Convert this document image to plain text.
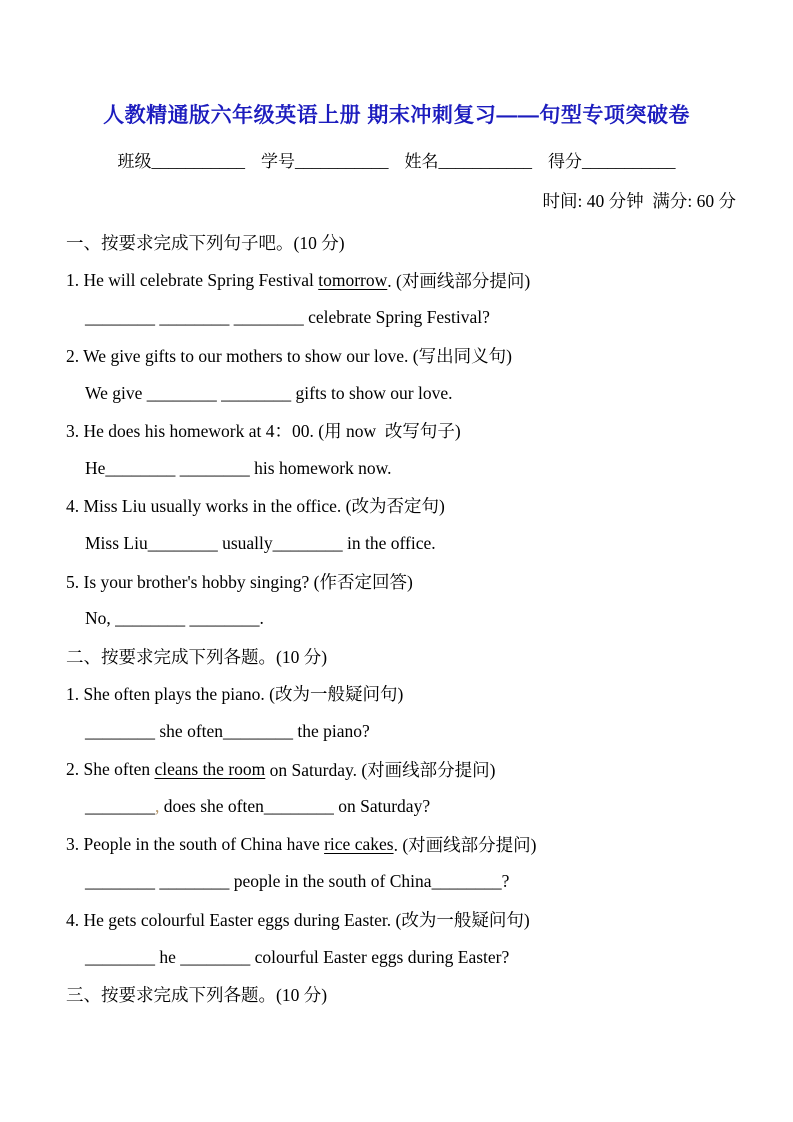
人教精通版六年级英语上册 期末冲刺复习——句型专项突破卷
班级 ___________ 学号 ___________ 姓名 ___________ 得分 ___________
时间: 40 分钟  满分: 60 分
一、按要求完成下列句子吧。(10 分)
1. He will celebrate Spring Festival tomorrow . (对画线部分提问)
________ ________ ________ celebrate Spring Festival?
2. We give gifts to our mothers to show our love. (写出同义句)
We give ________ ________ gifts to show our love.
3. He does his homework at 4：00. (用 now  改写句子)
He________ ________ his homework now.
4. Miss Liu usually works in the office. (改为否定句)
Miss Liu________ usually________ in the office.
5. Is your brother's hobby singing? (作否定回答)
No, ________ ________.
二、按要求完成下列各题。(10 分)
1. She often plays the piano. (改为一般疑问句)
________ she often________ the piano?
2. She often cleans the room on Saturday. (对画线部分提问)
________ , does she often________ on Saturday?
3. People in the south of China have rice cakes . (对画线部分提问)
________ ________ people in the south of China________?
4. He gets colourful Easter eggs during Easter. (改为一般疑问句)
________ he ________ colourful Easter eggs during Easter?
三、按要求完成下列各题。(10 分)
